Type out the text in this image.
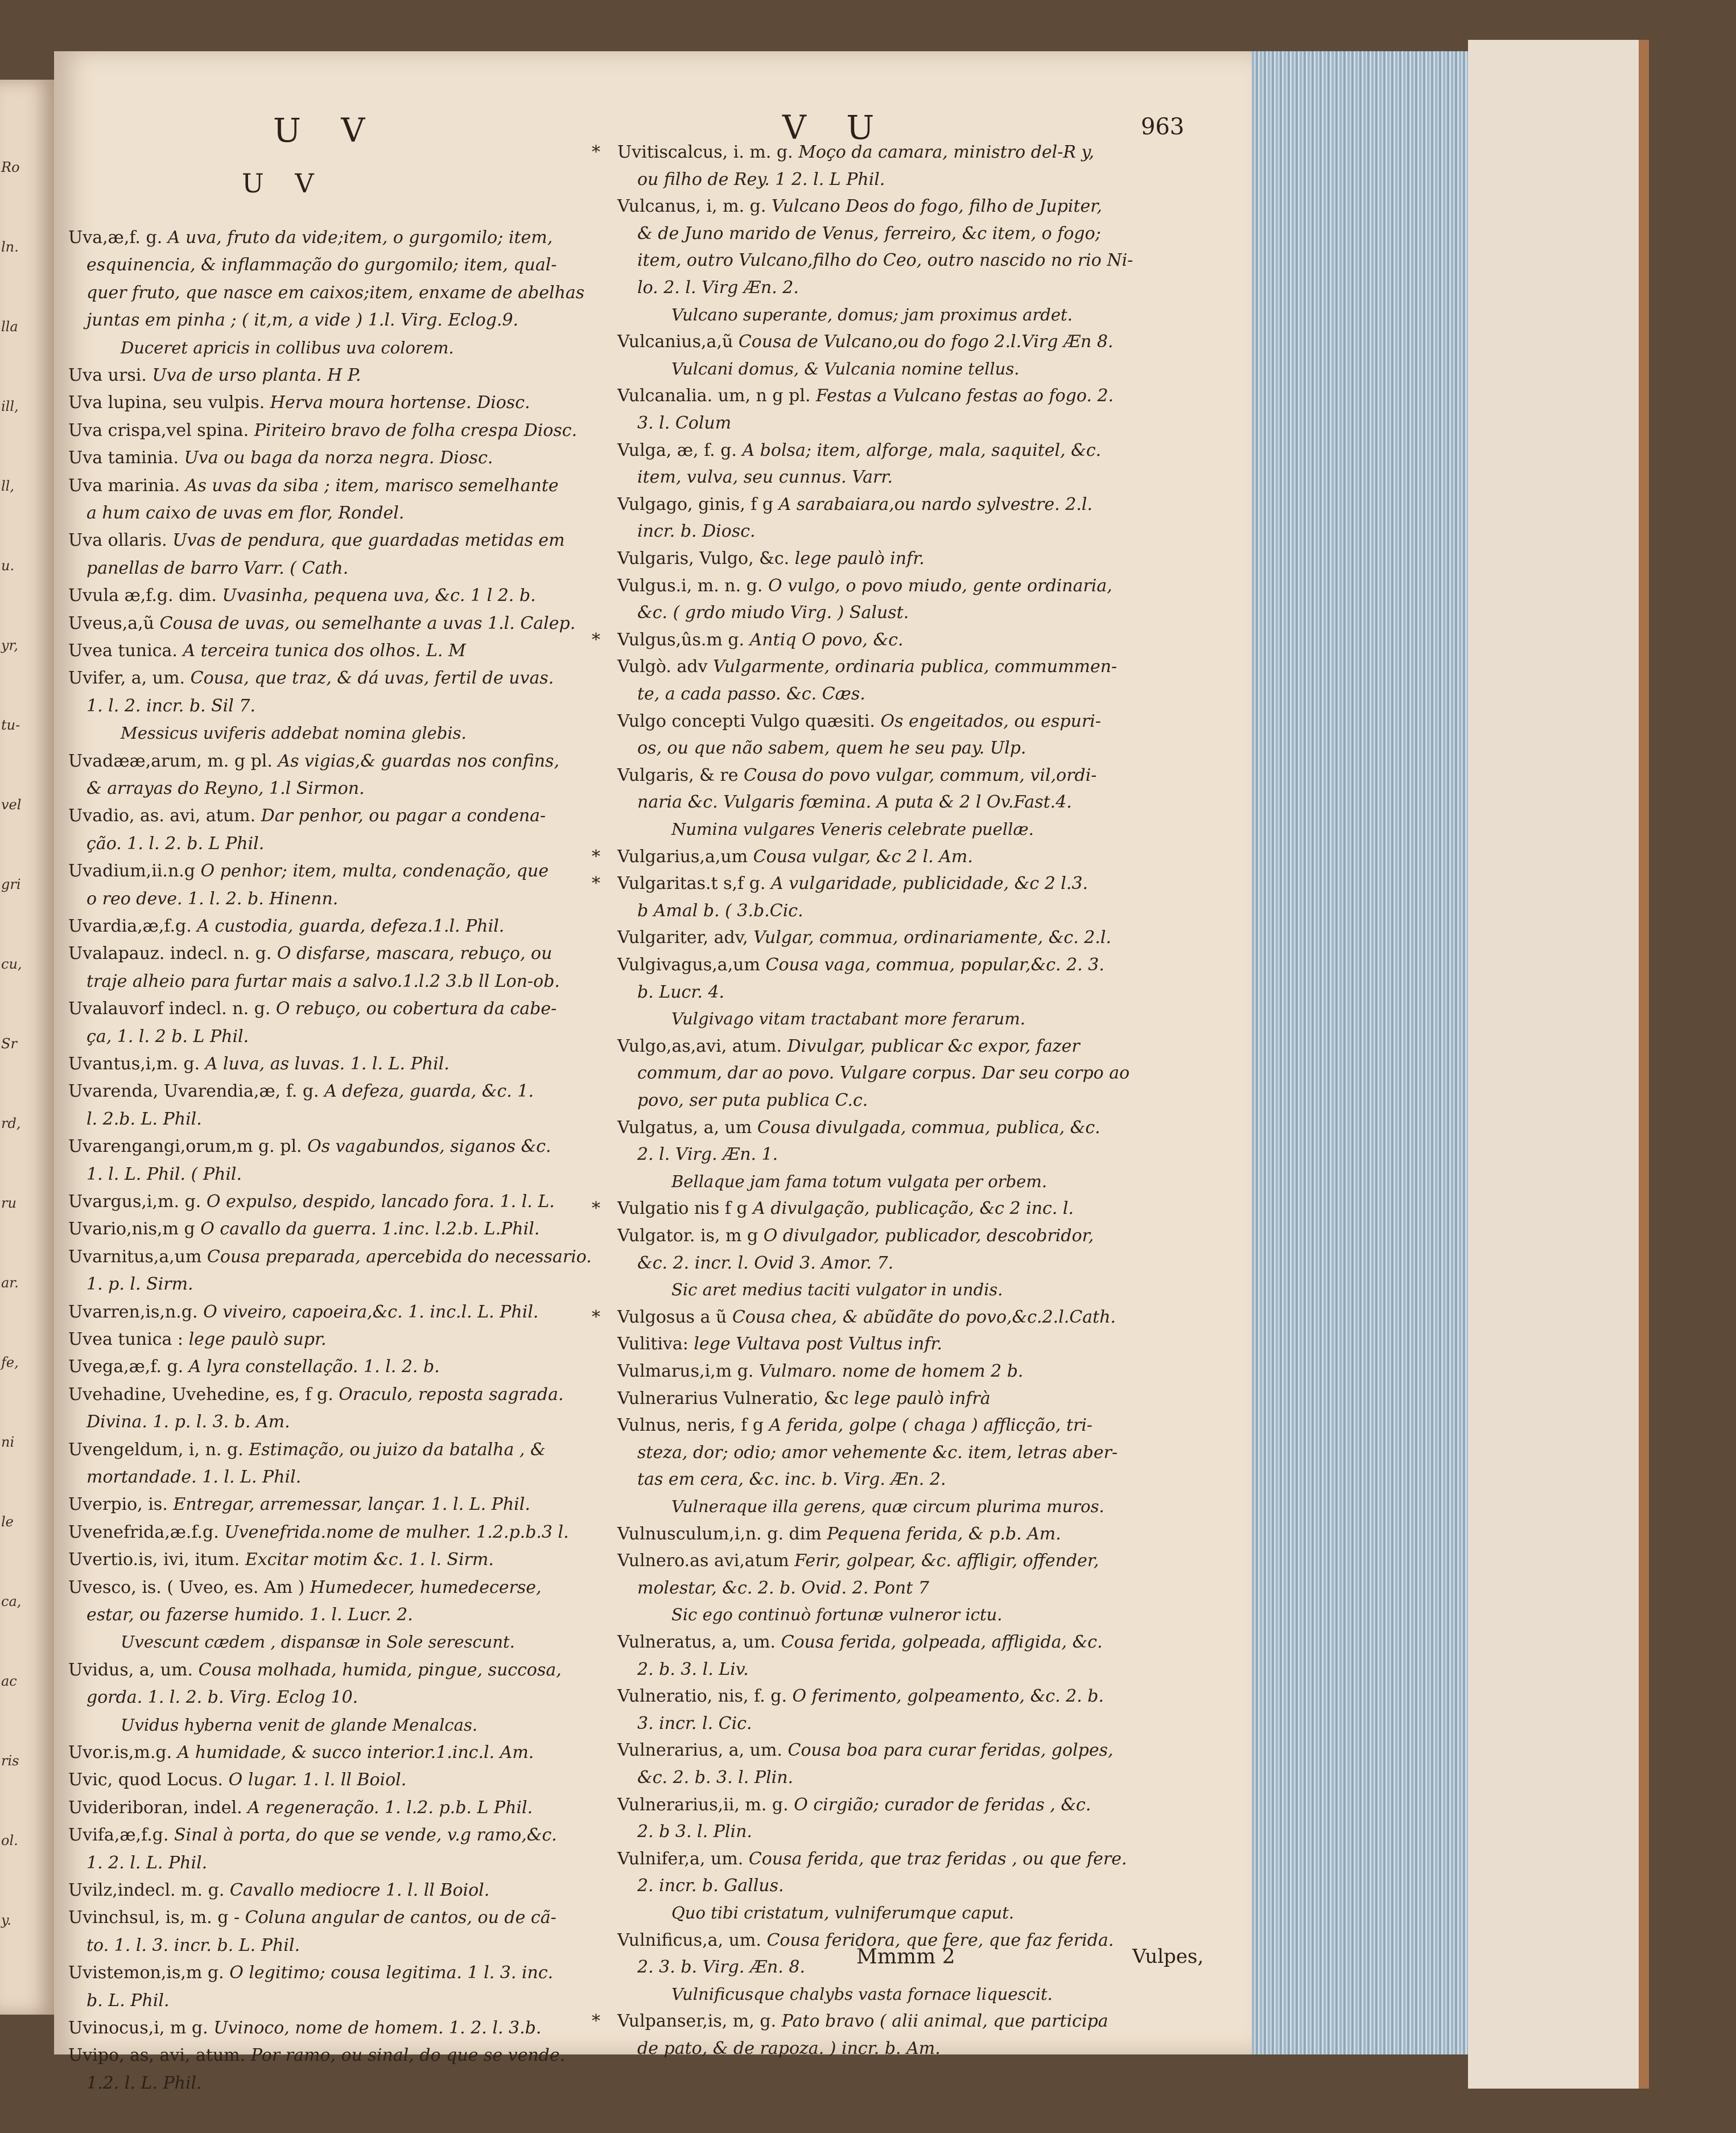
Ro
ln.
lla
ill,
ll,
u.
yr,
tu-
vel
gri
cu,
Sr
rd,
ru
ar.
fe,
ni
le
ca,
ac
ris
ol.
y.
U V
U V
V U	963
Uva,æ,f. g. A uva, fruto da vide;item, o gurgomilo; item,
esquinencia, & inflammação do gurgomilo; item, qual-
quer fruto, que nasce em caixos;item, enxame de abelhas
juntas em pinha ; ( it,m, a vide ) 1.l. Virg. Eclog.9.
Duceret apricis in collibus uva colorem.
Uva ursi. Uva de urso planta. H P.
Uva lupina, seu vulpis. Herva moura hortense. Diosc.
Uva crispa,vel spina. Piriteiro bravo de folha crespa Diosc.
Uva taminia. Uva ou baga da norza negra. Diosc.
Uva marinia. As uvas da siba ; item, marisco semelhante
a hum caixo de uvas em flor, Rondel.
Uva ollaris. Uvas de pendura, que guardadas metidas em
panellas de barro Varr. ( Cath.
Uvula æ,f.g. dim. Uvasinha, pequena uva, &c. 1 l 2. b.
Uveus,a,ũ Cousa de uvas, ou semelhante a uvas 1.l. Calep.
Uvea tunica. A terceira tunica dos olhos. L. M
Uvifer, a, um. Cousa, que traz, & dá uvas, fertil de uvas.
1. l. 2. incr. b. Sil 7.
Messicus uviferis addebat nomina glebis.
Uvadææ,arum, m. g pl. As vigias,& guardas nos confins,
& arrayas do Reyno, 1.l Sirmon.
Uvadio, as. avi, atum. Dar penhor, ou pagar a condena-
ção. 1. l. 2. b. L Phil.
Uvadium,ii.n.g O penhor; item, multa, condenação, que
o reo deve. 1. l. 2. b. Hinenn.
Uvardia,æ,f.g. A custodia, guarda, defeza.1.l. Phil.
Uvalapauz. indecl. n. g. O disfarse, mascara, rebuço, ou
traje alheio para furtar mais a salvo.1.l.2 3.b ll Lon-ob.
Uvalauvorf indecl. n. g. O rebuço, ou cobertura da cabe-
ça, 1. l. 2 b. L Phil.
Uvantus,i,m. g. A luva, as luvas. 1. l. L. Phil.
Uvarenda, Uvarendia,æ, f. g. A defeza, guarda, &c. 1.
l. 2.b. L. Phil.
Uvarengangi,orum,m g. pl. Os vagabundos, siganos &c.
1. l. L. Phil. ( Phil.
Uvargus,i,m. g. O expulso, despido, lancado fora. 1. l. L.
Uvario,nis,m g O cavallo da guerra. 1.inc. l.2.b. L.Phil.
Uvarnitus,a,um Cousa preparada, apercebida do necessario.
1. p. l. Sirm.
Uvarren,is,n.g. O viveiro, capoeira,&c. 1. inc.l. L. Phil.
Uvea tunica : lege paulò supr.
Uvega,æ,f. g. A lyra constellação. 1. l. 2. b.
Uvehadine, Uvehedine, es, f g. Oraculo, reposta sagrada.
Divina. 1. p. l. 3. b. Am.
Uvengeldum, i, n. g. Estimação, ou juizo da batalha , &
mortandade. 1. l. L. Phil.
Uverpio, is. Entregar, arremessar, lançar. 1. l. L. Phil.
Uvenefrida,æ.f.g. Uvenefrida.nome de mulher. 1.2.p.b.3 l.
Uvertio.is, ivi, itum. Excitar motim &c. 1. l. Sirm.
Uvesco, is. ( Uveo, es. Am ) Humedecer, humedecerse,
estar, ou fazerse humido. 1. l. Lucr. 2.
Uvescunt cædem , dispansæ in Sole serescunt.
Uvidus, a, um. Cousa molhada, humida, pingue, succosa,
gorda. 1. l. 2. b. Virg. Eclog 10.
Uvidus hyberna venit de glande Menalcas.
Uvor.is,m.g. A humidade, & succo interior.1.inc.l. Am.
Uvic, quod Locus. O lugar. 1. l. ll Boiol.
Uvideriboran, indel. A regeneração. 1. l.2. p.b. L Phil.
Uvifa,æ,f.g. Sinal à porta, do que se vende, v.g ramo,&c.
1. 2. l. L. Phil.
Uvilz,indecl. m. g. Cavallo mediocre 1. l. ll Boiol.
Uvinchsul, is, m. g - Coluna angular de cantos, ou de cã-
to. 1. l. 3. incr. b. L. Phil.
Uvistemon,is,m g. O legitimo; cousa legitima. 1 l. 3. inc.
b. L. Phil.
Uvinocus,i, m g. Uvinoco, nome de homem. 1. 2. l. 3.b.
Uvipo, as, avi, atum. Por ramo, ou sinal, do que se vende.
1.2. l. L. Phil.
* Uvitiscalcus, i. m. g. Moço da camara, ministro del-R y,
ou filho de Rey. 1 2. l. L Phil.
Vulcanus, i, m. g. Vulcano Deos do fogo, filho de Jupiter,
& de Juno marido de Venus, ferreiro, &c item, o fogo;
item, outro Vulcano,filho do Ceo, outro nascido no rio Ni-
lo. 2. l. Virg Æn. 2.
Vulcano superante, domus; jam proximus ardet.
Vulcanius,a,ũ Cousa de Vulcano,ou do fogo 2.l.Virg Æn 8.
Vulcani domus, & Vulcania nomine tellus.
Vulcanalia. um, n g pl. Festas a Vulcano festas ao fogo. 2.
3. l. Colum
Vulga, æ, f. g. A bolsa; item, alforge, mala, saquitel, &c.
item, vulva, seu cunnus. Varr.
Vulgago, ginis, f g A sarabaiara,ou nardo sylvestre. 2.l.
incr. b. Diosc.
Vulgaris, Vulgo, &c. lege paulò infr.
Vulgus.i, m. n. g. O vulgo, o povo miudo, gente ordinaria,
&c. ( grdo miudo Virg. ) Salust.
* Vulgus,ûs.m g. Antiq O povo, &c.
Vulgò. adv Vulgarmente, ordinaria publica, commummen-
te, a cada passo. &c. Cæs.
Vulgo concepti Vulgo quæsiti. Os engeitados, ou espuri-
os, ou que não sabem, quem he seu pay. Ulp.
Vulgaris, & re Cousa do povo vulgar, commum, vil,ordi-
naria &c. Vulgaris fœmina. A puta & 2 l Ov.Fast.4.
Numina vulgares Veneris celebrate puellæ.
* Vulgarius,a,um Cousa vulgar, &c 2 l. Am.
* Vulgaritas.t s,f g. A vulgaridade, publicidade, &c 2 l.3.
b Amal b. ( 3.b.Cic.
Vulgariter, adv, Vulgar, commua, ordinariamente, &c. 2.l.
Vulgivagus,a,um Cousa vaga, commua, popular,&c. 2. 3.
b. Lucr. 4.
Vulgivago vitam tractabant more ferarum.
Vulgo,as,avi, atum. Divulgar, publicar &c expor, fazer
commum, dar ao povo. Vulgare corpus. Dar seu corpo ao
povo, ser puta publica C.c.
Vulgatus, a, um Cousa divulgada, commua, publica, &c.
2. l. Virg. Æn. 1.
Bellaque jam fama totum vulgata per orbem.
* Vulgatio nis f g A divulgação, publicação, &c 2 inc. l.
Vulgator. is, m g O divulgador, publicador, descobridor,
&c. 2. incr. l. Ovid 3. Amor. 7.
Sic aret medius taciti vulgator in undis.
* Vulgosus a ũ Cousa chea, & abũdãte do povo,&c.2.l.Cath.
Vulitiva: lege Vultava post Vultus infr.
Vulmarus,i,m g. Vulmaro. nome de homem 2 b.
Vulnerarius Vulneratio, &c lege paulò infrà
Vulnus, neris, f g A ferida, golpe ( chaga ) afflicção, tri-
steza, dor; odio; amor vehemente &c. item, letras aber-
tas em cera, &c. inc. b. Virg. Æn. 2.
Vulneraque illa gerens, quæ circum plurima muros.
Vulnusculum,i,n. g. dim Pequena ferida, & p.b. Am.
Vulnero.as avi,atum Ferir, golpear, &c. affligir, offender,
molestar, &c. 2. b. Ovid. 2. Pont 7
Sic ego continuò fortunæ vulneror ictu.
Vulneratus, a, um. Cousa ferida, golpeada, affligida, &c.
2. b. 3. l. Liv.
Vulneratio, nis, f. g. O ferimento, golpeamento, &c. 2. b.
3. incr. l. Cic.
Vulnerarius, a, um. Cousa boa para curar feridas, golpes,
&c. 2. b. 3. l. Plin.
Vulnerarius,ii, m. g. O cirgião; curador de feridas , &c.
2. b 3. l. Plin.
Vulnifer,a, um. Cousa ferida, que traz feridas , ou que fere.
2. incr. b. Gallus.
Quo tibi cristatum, vulniferumque caput.
Vulnificus,a, um. Cousa feridora, que fere, que faz ferida.
2. 3. b. Virg. Æn. 8.
Vulnificusque chalybs vasta fornace liquescit.
* Vulpanser,is, m, g. Pato bravo ( alii animal, que participa
de pato, & de rapoza. ) incr. b. Am.
Mmmm 2	Vulpes,
